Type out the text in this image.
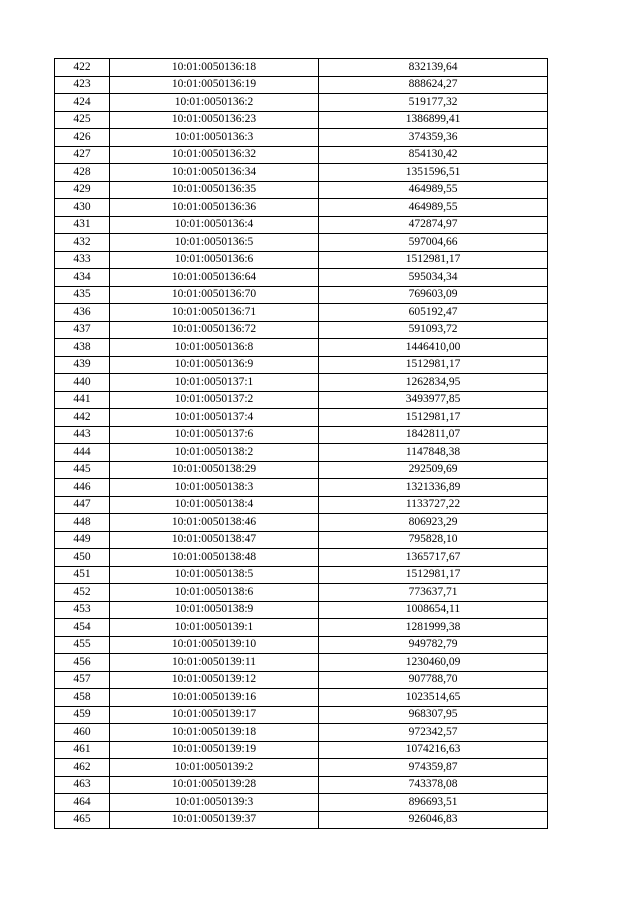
422	10:01:0050136:18	832139,64
423	10:01:0050136:19	888624,27
424	10:01:0050136:2	519177,32
425	10:01:0050136:23	1386899,41
426	10:01:0050136:3	374359,36
427	10:01:0050136:32	854130,42
428	10:01:0050136:34	1351596,51
429	10:01:0050136:35	464989,55
430	10:01:0050136:36	464989,55
431	10:01:0050136:4	472874,97
432	10:01:0050136:5	597004,66
433	10:01:0050136:6	1512981,17
434	10:01:0050136:64	595034,34
435	10:01:0050136:70	769603,09
436	10:01:0050136:71	605192,47
437	10:01:0050136:72	591093,72
438	10:01:0050136:8	1446410,00
439	10:01:0050136:9	1512981,17
440	10:01:0050137:1	1262834,95
441	10:01:0050137:2	3493977,85
442	10:01:0050137:4	1512981,17
443	10:01:0050137:6	1842811,07
444	10:01:0050138:2	1147848,38
445	10:01:0050138:29	292509,69
446	10:01:0050138:3	1321336,89
447	10:01:0050138:4	1133727,22
448	10:01:0050138:46	806923,29
449	10:01:0050138:47	795828,10
450	10:01:0050138:48	1365717,67
451	10:01:0050138:5	1512981,17
452	10:01:0050138:6	773637,71
453	10:01:0050138:9	1008654,11
454	10:01:0050139:1	1281999,38
455	10:01:0050139:10	949782,79
456	10:01:0050139:11	1230460,09
457	10:01:0050139:12	907788,70
458	10:01:0050139:16	1023514,65
459	10:01:0050139:17	968307,95
460	10:01:0050139:18	972342,57
461	10:01:0050139:19	1074216,63
462	10:01:0050139:2	974359,87
463	10:01:0050139:28	743378,08
464	10:01:0050139:3	896693,51
465	10:01:0050139:37	926046,83
